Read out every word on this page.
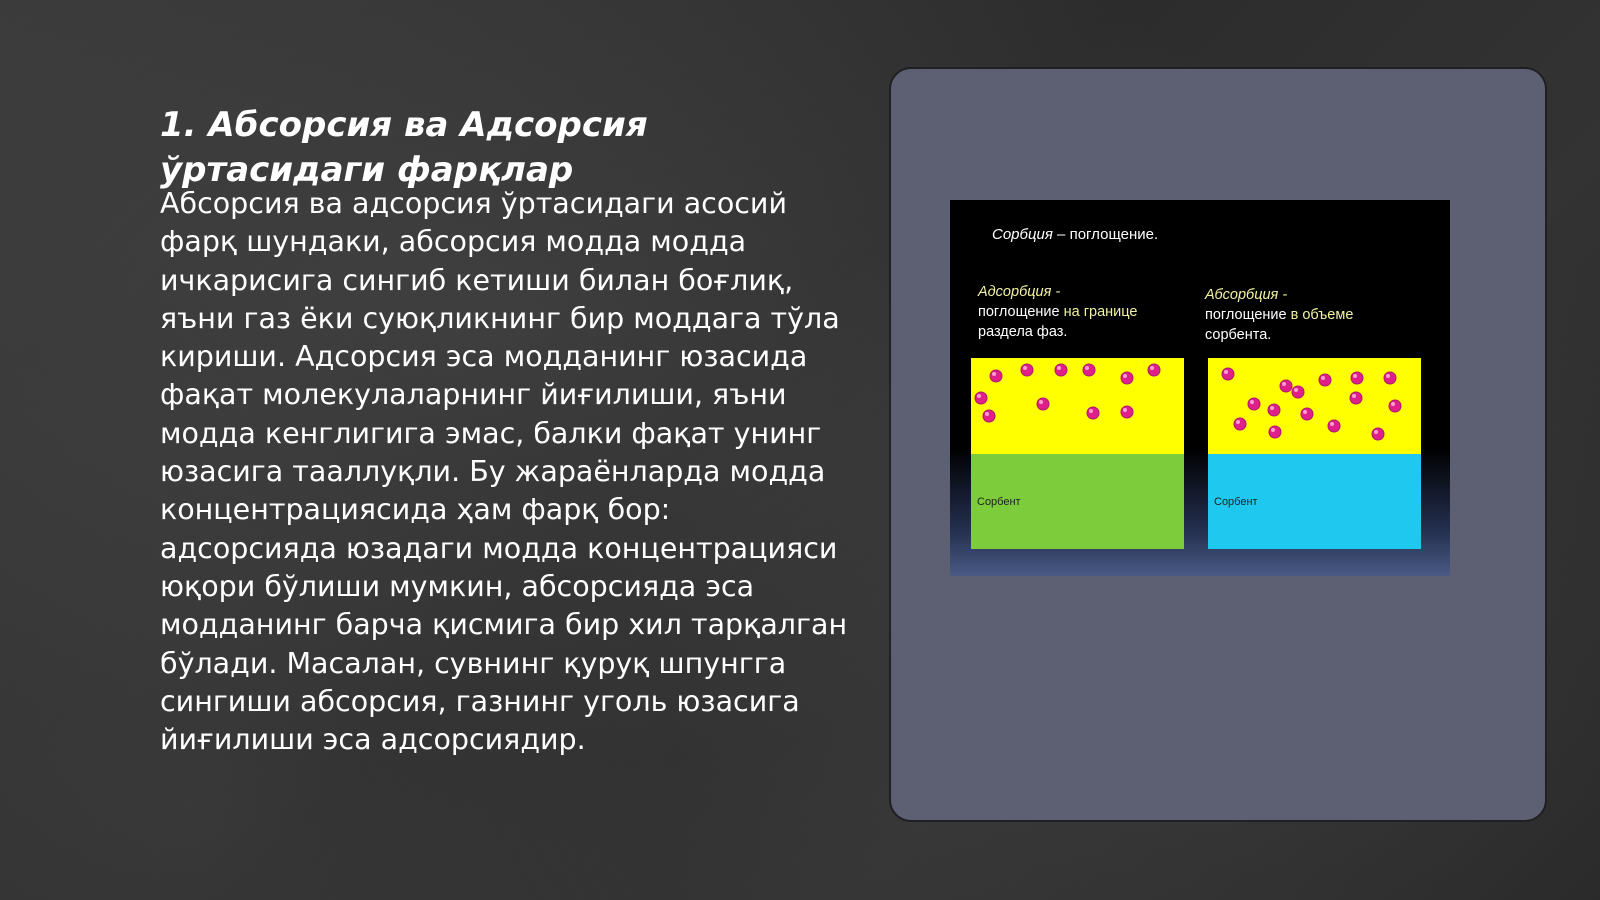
1. Абсорсия ва Адсорсия ўртасидаги фарқлар

Абсорсия ва адсорсия ўртасидаги асосий фарқ шундаки, абсорсия модда модда ичкарисига сингиб кетиши билан боғлиқ, яъни газ ёки суюқликнинг бир моддага тўла кириши. Адсорсия эса модданинг юзасида фақат молекулаларнинг йиғилиши, яъни модда кенглигига эмас, балки фақат унинг юзасига тааллуқли. Бу жараёнларда модда концентрациясида ҳам фарқ бор: адсорсияда юзадаги модда концентрацияси юқори бўлиши мумкин, абсорсияда эса модданинг барча қисмига бир хил тарқалган бўлади. Масалан, сувнинг қуруқ шпунгга сингиши абсорсия, газнинг уголь юзасига йиғилиши эса адсорсиядир.

Сорбция – поглощение.
Адсорбция -
поглощение на границе
раздела фаз.
Абсорбция -
поглощение в объеме
сорбента.
Сорбент	Сорбент
